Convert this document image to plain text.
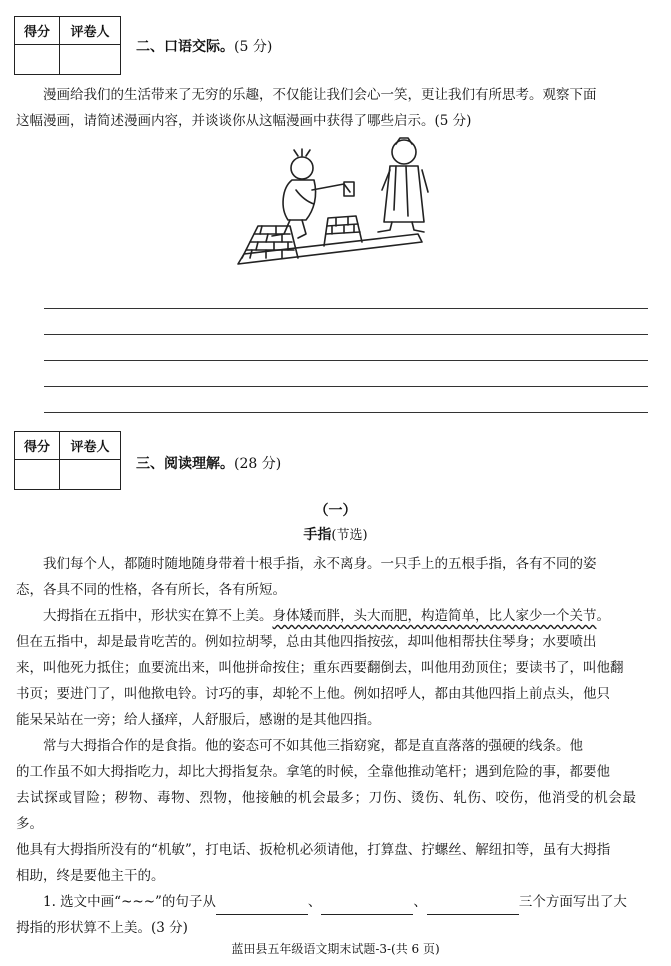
得分	评卷人

二、口语交际。(5 分)
漫画给我们的生活带来了无穷的乐趣，不仅能让我们会心一笑，更让我们有所思考。观察下面
这幅漫画，请简述漫画内容，并谈谈你从这幅漫画中获得了哪些启示。(5 分)
得分	评卷人

三、阅读理解。(28 分)
（一）
手指(节选)
我们每个人，都随时随地随身带着十根手指，永不离身。一只手上的五根手指，各有不同的姿
态，各具不同的性格，各有所长，各有所短。
大拇指在五指中，形状实在算不上美。身体矮而胖，头大而肥，构造简单，比人家少一个关节。
但在五指中，却是最肯吃苦的。例如拉胡琴，总由其他四指按弦，却叫他相帮扶住琴身；水要喷出
来，叫他死力抵住；血要流出来，叫他拼命按住；重东西要翻倒去，叫他用劲顶住；要读书了，叫他翻
书页；要进门了，叫他揿电铃。讨巧的事，却轮不上他。例如招呼人，都由其他四指上前点头，他只
能呆呆站在一旁；给人搔痒，人舒服后，感谢的是其他四指。
常与大拇指合作的是食指。他的姿态可不如其他三指窈窕，都是直直落落的强硬的线条。他
的工作虽不如大拇指吃力，却比大拇指复杂。拿笔的时候，全靠他推动笔杆；遇到危险的事，都要他
去试探或冒险；秽物、毒物、烈物，他接触的机会最多；刀伤、烫伤、轧伤、咬伤，他消受的机会最多。
他具有大拇指所没有的“机敏”，打电话、扳枪机必须请他，打算盘、拧螺丝、解纽扣等，虽有大拇指
相助，终是要他主干的。
1. 选文中画“~~~”的句子从	、	、	三个方面写出了大
拇指的形状算不上美。(3 分)
蓝田县五年级语文期末试题-3-(共 6 页)
